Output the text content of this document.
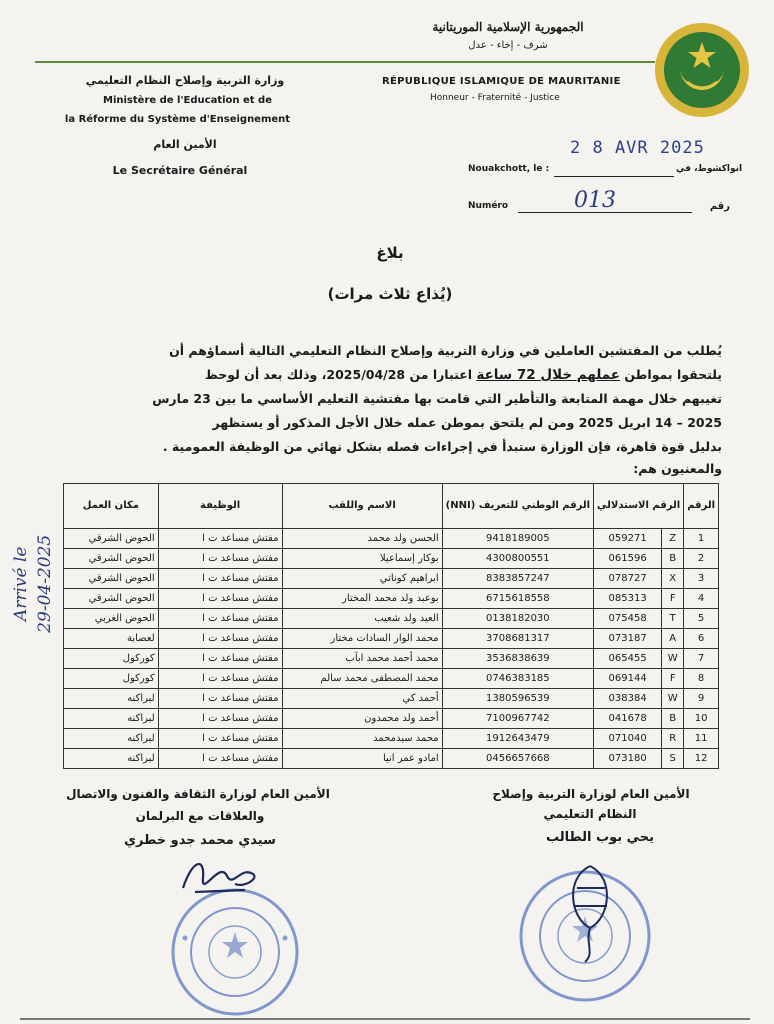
الجمهورية الإسلامية الموريتانية
شرف - إخاء - عدل
RÉPUBLIQUE ISLAMIQUE DE MAURITANIE
Honneur - Fraternité - Justice
وزارة التربية وإصلاح النظام التعليمي
Ministère de l'Education et de
la Réforme du Système d'Enseignement
الأمين العام
Le Secrétaire Général
2 8 AVR 2025
Nouakchott, le :	انواكشوط، في
Numéro	013	رقم
بلاغ
(يُذاع ثلاث مرات)
يُطلب من المفتشين العاملين في وزارة التربية وإصلاح النظام التعليمي التالية أسماؤهم أن
يلتحقوا بمواطن عملهم خلال 72 ساعة اعتبارا من 2025/04/28، وذلك بعد أن لوحظ
تغيبهم خلال مهمة المتابعة والتأطير التي قامت بها مفتشية التعليم الأساسي ما بين 23 مارس
2025 – 14 ابريل 2025 ومن لم يلتحق بموطن عمله خلال الأجل المذكور أو يستظهر
بدليل قوة قاهرة، فإن الوزارة ستبدأ في إجراءات فصله بشكل نهائي من الوظيفة العمومية .
والمعنيون هم:
الرقم	الرقم الاستدلالي		الرقم الوطني للتعريف (NNI)	الاسم واللقب	الوظيفة	مكان العمل
1	Z	059271	9418189005	الحسن ولد محمد	مفتش مساعد ت ا	الحوض الشرقي
2	B	061596	4300800551	بوكار إسماعيلا	مفتش مساعد ت ا	الحوض الشرقي
3	X	078727	8383857247	ابراهيم كوناتي	مفتش مساعد ت ا	الحوض الشرقي
4	F	085313	6715618558	بوعبد ولد محمد المختار	مفتش مساعد ت ا	الحوض الشرقي
5	T	075458	0138182030	العيد ولد شعيب	مفتش مساعد ت ا	الحوض الغربي
6	A	073187	3708681317	محمد الوار السادات مختار	مفتش مساعد ت ا	لعصابة
7	W	065455	3536838639	محمد أحمد محمد ابآب	مفتش مساعد ت ا	كوركول
8	F	069144	0746383185	محمد المصطفى محمد سالم	مفتش مساعد ت ا	كوركول
9	W	038384	1380596539	أحمد كي	مفتش مساعد ت ا	لبراكنه
10	B	041678	7100967742	أحمد ولد محمدون	مفتش مساعد ت ا	لبراكنه
11	R	071040	1912643479	محمد سيدمحمد	مفتش مساعد ت ا	لبراكنه
12	S	073180	0456657668	امادو عمر انيا	مفتش مساعد ت ا	لبراكنه
Arrivé le 29-04-2025
الأمين العام لوزارة التربية وإصلاح
النظام التعليمي
يحي بوب الطالب
الأمين العام لوزارة الثقافة والفنون والاتصال
والعلاقات مع البرلمان
سيدي محمد جدو خطري
